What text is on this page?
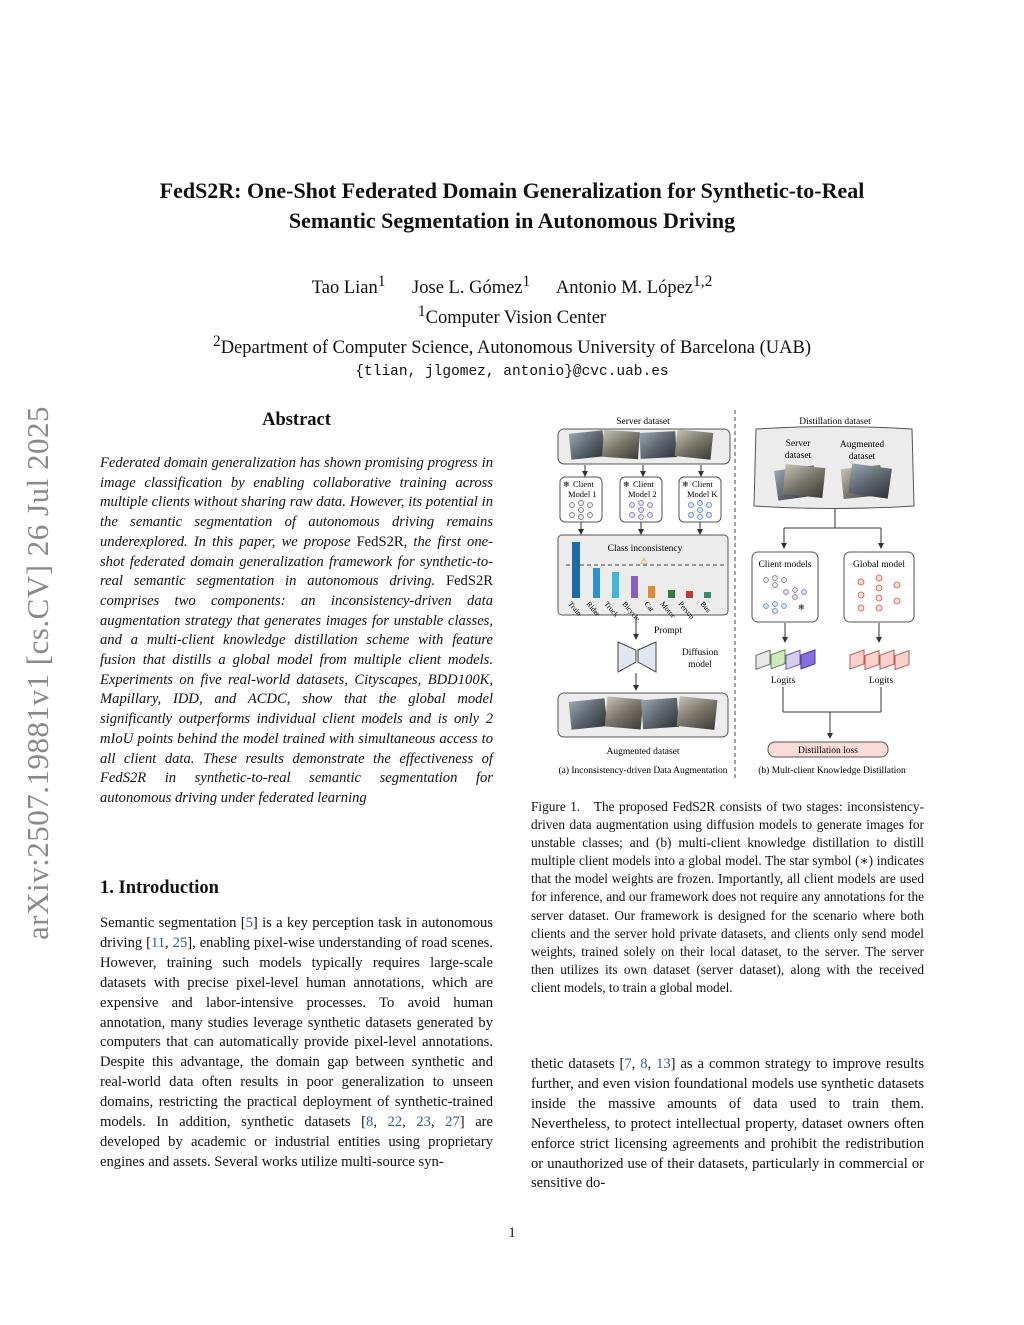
arXiv:2507.19881v1 [cs.CV] 26 Jul 2025
FedS2R: One-Shot Federated Domain Generalization for Synthetic-to-Real
Semantic Segmentation in Autonomous Driving
Tao Lian$^1$ Jose L. Gómez$^1$ Antonio M. López$^{1,2}$
$^1$Computer Vision Center
$^2$Department of Computer Science, Autonomous University of Barcelona (UAB)
{tlian, jlgomez, antonio}@cvc.uab.es
Abstract
Federated domain generalization has shown promising progress in image classification by enabling collaborative training across multiple clients without sharing raw data. However, its potential in the semantic segmentation of autonomous driving remains underexplored. In this paper, we propose FedS2R, the first one-shot federated domain generalization framework for synthetic-to-real semantic segmentation in autonomous driving. FedS2R comprises two components: an inconsistency-driven data augmentation strategy that generates images for unstable classes, and a multi-client knowledge distillation scheme with feature fusion that distills a global model from multiple client models. Experiments on five real-world datasets, Cityscapes, BDD100K, Mapillary, IDD, and ACDC, show that the global model significantly outperforms individual client models and is only 2 mIoU points behind the model trained with simultaneous access to all client data. These results demonstrate the effectiveness of FedS2R in synthetic-to-real semantic segmentation for autonomous driving under federated learning
1. Introduction
Semantic segmentation [5] is a key perception task in autonomous driving [11, 25], enabling pixel-wise understanding of road scenes. However, training such models typically requires large-scale datasets with precise pixel-level human annotations, which are expensive and labor-intensive processes. To avoid human annotation, many studies leverage synthetic datasets generated by computers that can automatically provide pixel-level annotations. Despite this advantage, the domain gap between synthetic and real-world data often results in poor generalization to unseen domains, restricting the practical deployment of synthetic-trained models. In addition, synthetic datasets [8, 22, 23, 27] are developed by academic or industrial entities using proprietary engines and assets. Several works utilize multi-source syn-
Server dataset
❄ Client
Model 1
❄ Client
Model 2
❄ Client
Model K
Class inconsistency
⚠
Train Rider Truck Bicycle Car Motor Person Bus
Prompt
Diffusion
model
Augmented dataset
(a) Inconsistency-driven Data Augmentation
Distillation dataset
Server
dataset
Augmented
dataset
Client models
❄
Global model
Logits	Logits
Distillation loss
(b) Mult-client Knowledge Distillation
Figure 1. The proposed FedS2R consists of two stages: inconsistency-driven data augmentation using diffusion models to generate images for unstable classes; and (b) multi-client knowledge distillation to distill multiple client models into a global model. The star symbol (∗) indicates that the model weights are frozen. Importantly, all client models are used for inference, and our framework does not require any annotations for the server dataset. Our framework is designed for the scenario where both clients and the server hold private datasets, and clients only send model weights, trained solely on their local dataset, to the server. The server then utilizes its own dataset (server dataset), along with the received client models, to train a global model.
thetic datasets [7, 8, 13] as a common strategy to improve results further, and even vision foundational models use synthetic datasets inside the massive amounts of data used to train them. Nevertheless, to protect intellectual property, dataset owners often enforce strict licensing agreements and prohibit the redistribution or unauthorized use of their datasets, particularly in commercial or sensitive do-
1
